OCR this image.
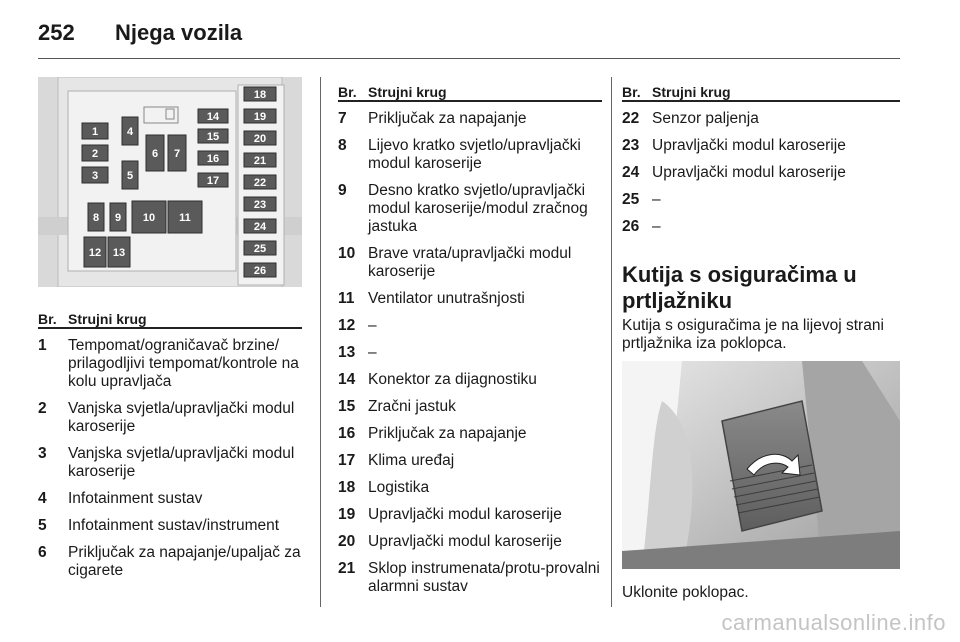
252 Njega vozila
1
2
3
4
5
6 7
8 9 10 11
12 13
14
15
16
17
18
19
20
21
22
23
24
25
26
Br. Strujni krug
1	Tempomat/ograničavač brzine/ prilagodljivi tempomat/kontrole na kolu upravljača
2	Vanjska svjetla/upravljački modul karoserije
3	Vanjska svjetla/upravljački modul karoserije
4	Infotainment sustav
5	Infotainment sustav/instrument
6	Priključak za napajanje/upaljač za cigarete
Br. Strujni krug
7	Priključak za napajanje
8	Lijevo kratko svjetlo/upravljački modul karoserije
9	Desno kratko svjetlo/upravljački modul karoserije/modul zračnog jastuka
10 Brave vrata/upravljački modul karoserije
11 Ventilator unutrašnjosti
12 –
13 –
14 Konektor za dijagnostiku
15 Zračni jastuk
16 Priključak za napajanje
17 Klima uređaj
18 Logistika
19 Upravljački modul karoserije
20 Upravljački modul karoserije
21 Sklop instrumenata/protu-provalni alarmni sustav
Br. Strujni krug
22 Senzor paljenja
23 Upravljački modul karoserije
24 Upravljački modul karoserije
25 –
26 –
Kutija s osiguračima u prtljažniku
Kutija s osiguračima je na lijevoj strani prtljažnika iza poklopca.
Uklonite poklopac.
carmanualsonline.info
